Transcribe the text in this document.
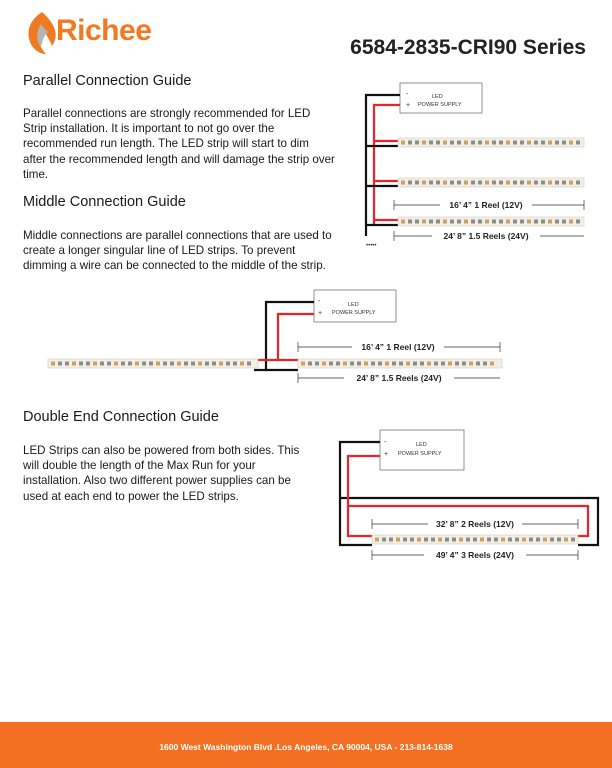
Richee
6584-2835-CRI90 Series
Parallel Connection Guide
Parallel connections are strongly recommended for LED
Strip installation. It is important to not go over the
recommended run length. The LED strip will start to dim
after the recommended length and will damage the strip over
time.
Middle Connection Guide
Middle connections are parallel connections that are used to
create a longer singular line of LED strips. To prevent
dimming a wire can be connected to the middle of the strip.
Double End Connection Guide
LED Strips can also be powered from both sides. This
will double the length of the Max Run for your
installation. Also two different power supplies can be
used at each end to power the LED strips.
-
+
LED
POWER SUPPLY
16’ 4” 1 Reel (12V)
24’ 8” 1.5 Reels (24V)
•••••
-
+
LED
POWER SUPPLY
16’ 4” 1 Reel (12V)
24’ 8” 1.5 Reels (24V)
-
+
LED
POWER SUPPLY
32’ 8” 2 Reels (12V)
49’ 4” 3 Reels (24V)
1600 West Washington Blvd .Los Angeles, CA 90004, USA - 213-814-1638
